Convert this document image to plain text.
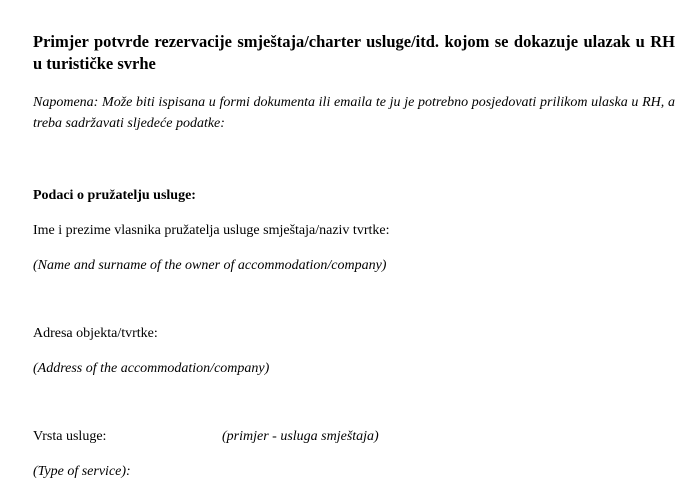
Primjer potvrde rezervacije smještaja/charter usluge/itd. kojom se dokazuje ulazak u RH u turističke svrhe

Napomena: Može biti ispisana u formi dokumenta ili emaila te ju je potrebno posjedovati prilikom ulaska u RH, a treba sadržavati sljedeće podatke:

Podaci o pružatelju usluge:

Ime i prezime vlasnika pružatelja usluge smještaja/naziv tvrtke:

(Name and surname of the owner of accommodation/company)

Adresa objekta/tvrtke:

(Address of the accommodation/company)

Vrsta usluge:	(primjer - usluga smještaja)

(Type of service):
